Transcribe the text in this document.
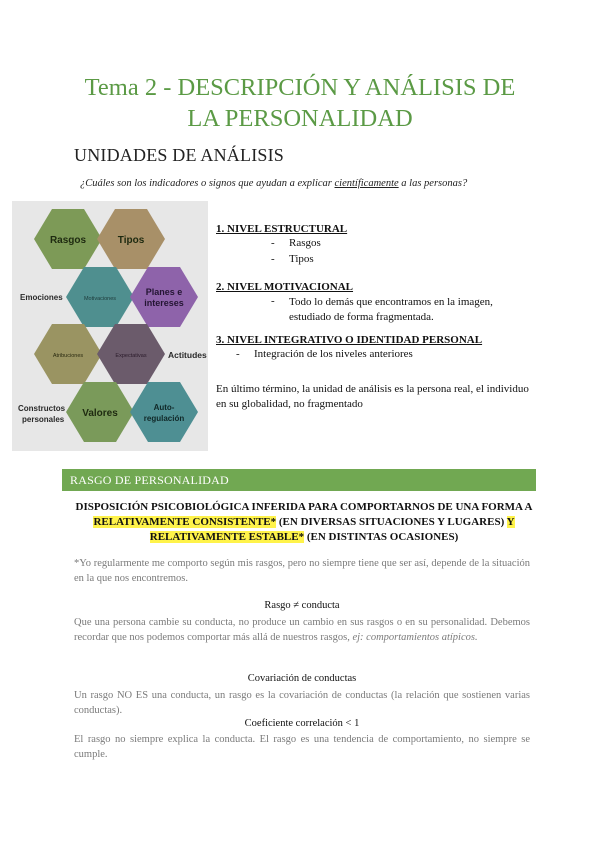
Tema 2 - DESCRIPCIÓN Y ANÁLISIS DE
LA PERSONALIDAD
UNIDADES DE ANÁLISIS
¿Cuáles son los indicadores o signos que ayudan a explicar científicamente a las personas?
Rasgos	Tipos
Motivaciones
Planes e
intereses
Atribuciones	Expectativas
Valores
Auto-
regulación
Emociones
Actitudes
Constructos
personales

1. NIVEL ESTRUCTURAL

- Rasgos
- Tipos

2. NIVEL MOTIVACIONAL

- Todo lo demás que encontramos en la imagen,
estudiado de forma fragmentada.

3. NIVEL INTEGRATIVO O IDENTIDAD PERSONAL

- Integración de los niveles anteriores
En último término, la unidad de análisis es la persona real, el individuo en su globalidad, no fragmentado
RASGO DE PERSONALIDAD
DISPOSICIÓN PSICOBIOLÓGICA INFERIDA PARA COMPORTARNOS DE UNA FORMA A RELATIVAMENTE CONSISTENTE* (EN DIVERSAS SITUACIONES Y LUGARES) Y RELATIVAMENTE ESTABLE* (EN DISTINTAS OCASIONES)
*Yo regularmente me comporto según mis rasgos, pero no siempre tiene que ser así, depende de la situación en la que nos encontremos.
Rasgo ≠ conducta
Que una persona cambie su conducta, no produce un cambio en sus rasgos o en su personalidad. Debemos recordar que nos podemos comportar más allá de nuestros rasgos, ej: comportamientos atípicos.
Covariación de conductas
Un rasgo NO ES una conducta, un rasgo es la covariación de conductas (la relación que sostienen varias conductas).
Coeficiente correlación < 1
El rasgo no siempre explica la conducta. El rasgo es una tendencia de comportamiento, no siempre se cumple.
